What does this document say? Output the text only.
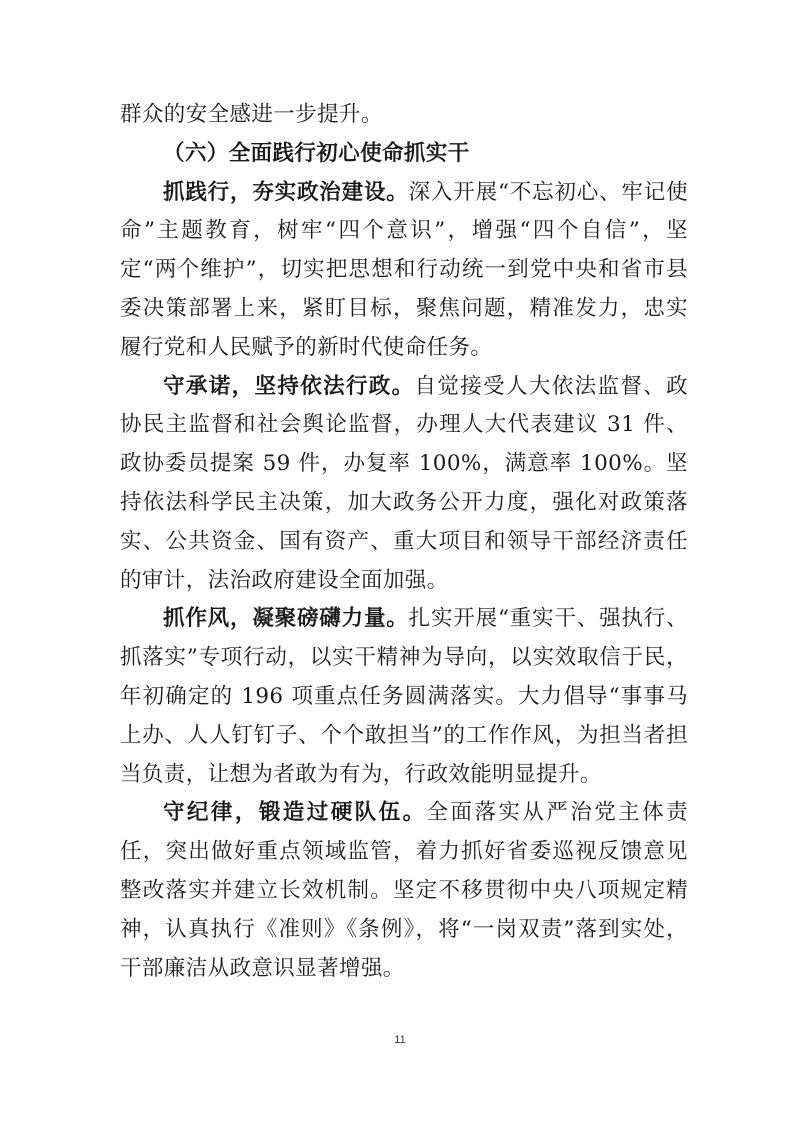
群众的安全感进一步提升。

（六）全面践行初心使命抓实干

抓践行，夯实政治建设。深入开展“不忘初心、牢记使命”主题教育，树牢“四个意识”，增强“四个自信”，坚定“两个维护”，切实把思想和行动统一到党中央和省市县委决策部署上来，紧盯目标，聚焦问题，精准发力，忠实履行党和人民赋予的新时代使命任务。

守承诺，坚持依法行政。自觉接受人大依法监督、政协民主监督和社会舆论监督，办理人大代表建议 31 件、政协委员提案 59 件，办复率 100%，满意率 100%。坚持依法科学民主决策，加大政务公开力度，强化对政策落实、公共资金、国有资产、重大项目和领导干部经济责任的审计，法治政府建设全面加强。

抓作风，凝聚磅礴力量。扎实开展“重实干、强执行、抓落实”专项行动，以实干精神为导向，以实效取信于民，年初确定的 196 项重点任务圆满落实。大力倡导“事事马上办、人人钉钉子、个个敢担当”的工作作风，为担当者担当负责，让想为者敢为有为，行政效能明显提升。

守纪律，锻造过硬队伍。全面落实从严治党主体责任，突出做好重点领域监管，着力抓好省委巡视反馈意见整改落实并建立长效机制。坚定不移贯彻中央八项规定精神，认真执行《准则》《条例》，将“一岗双责”落到实处，干部廉洁从政意识显著增强。

11
